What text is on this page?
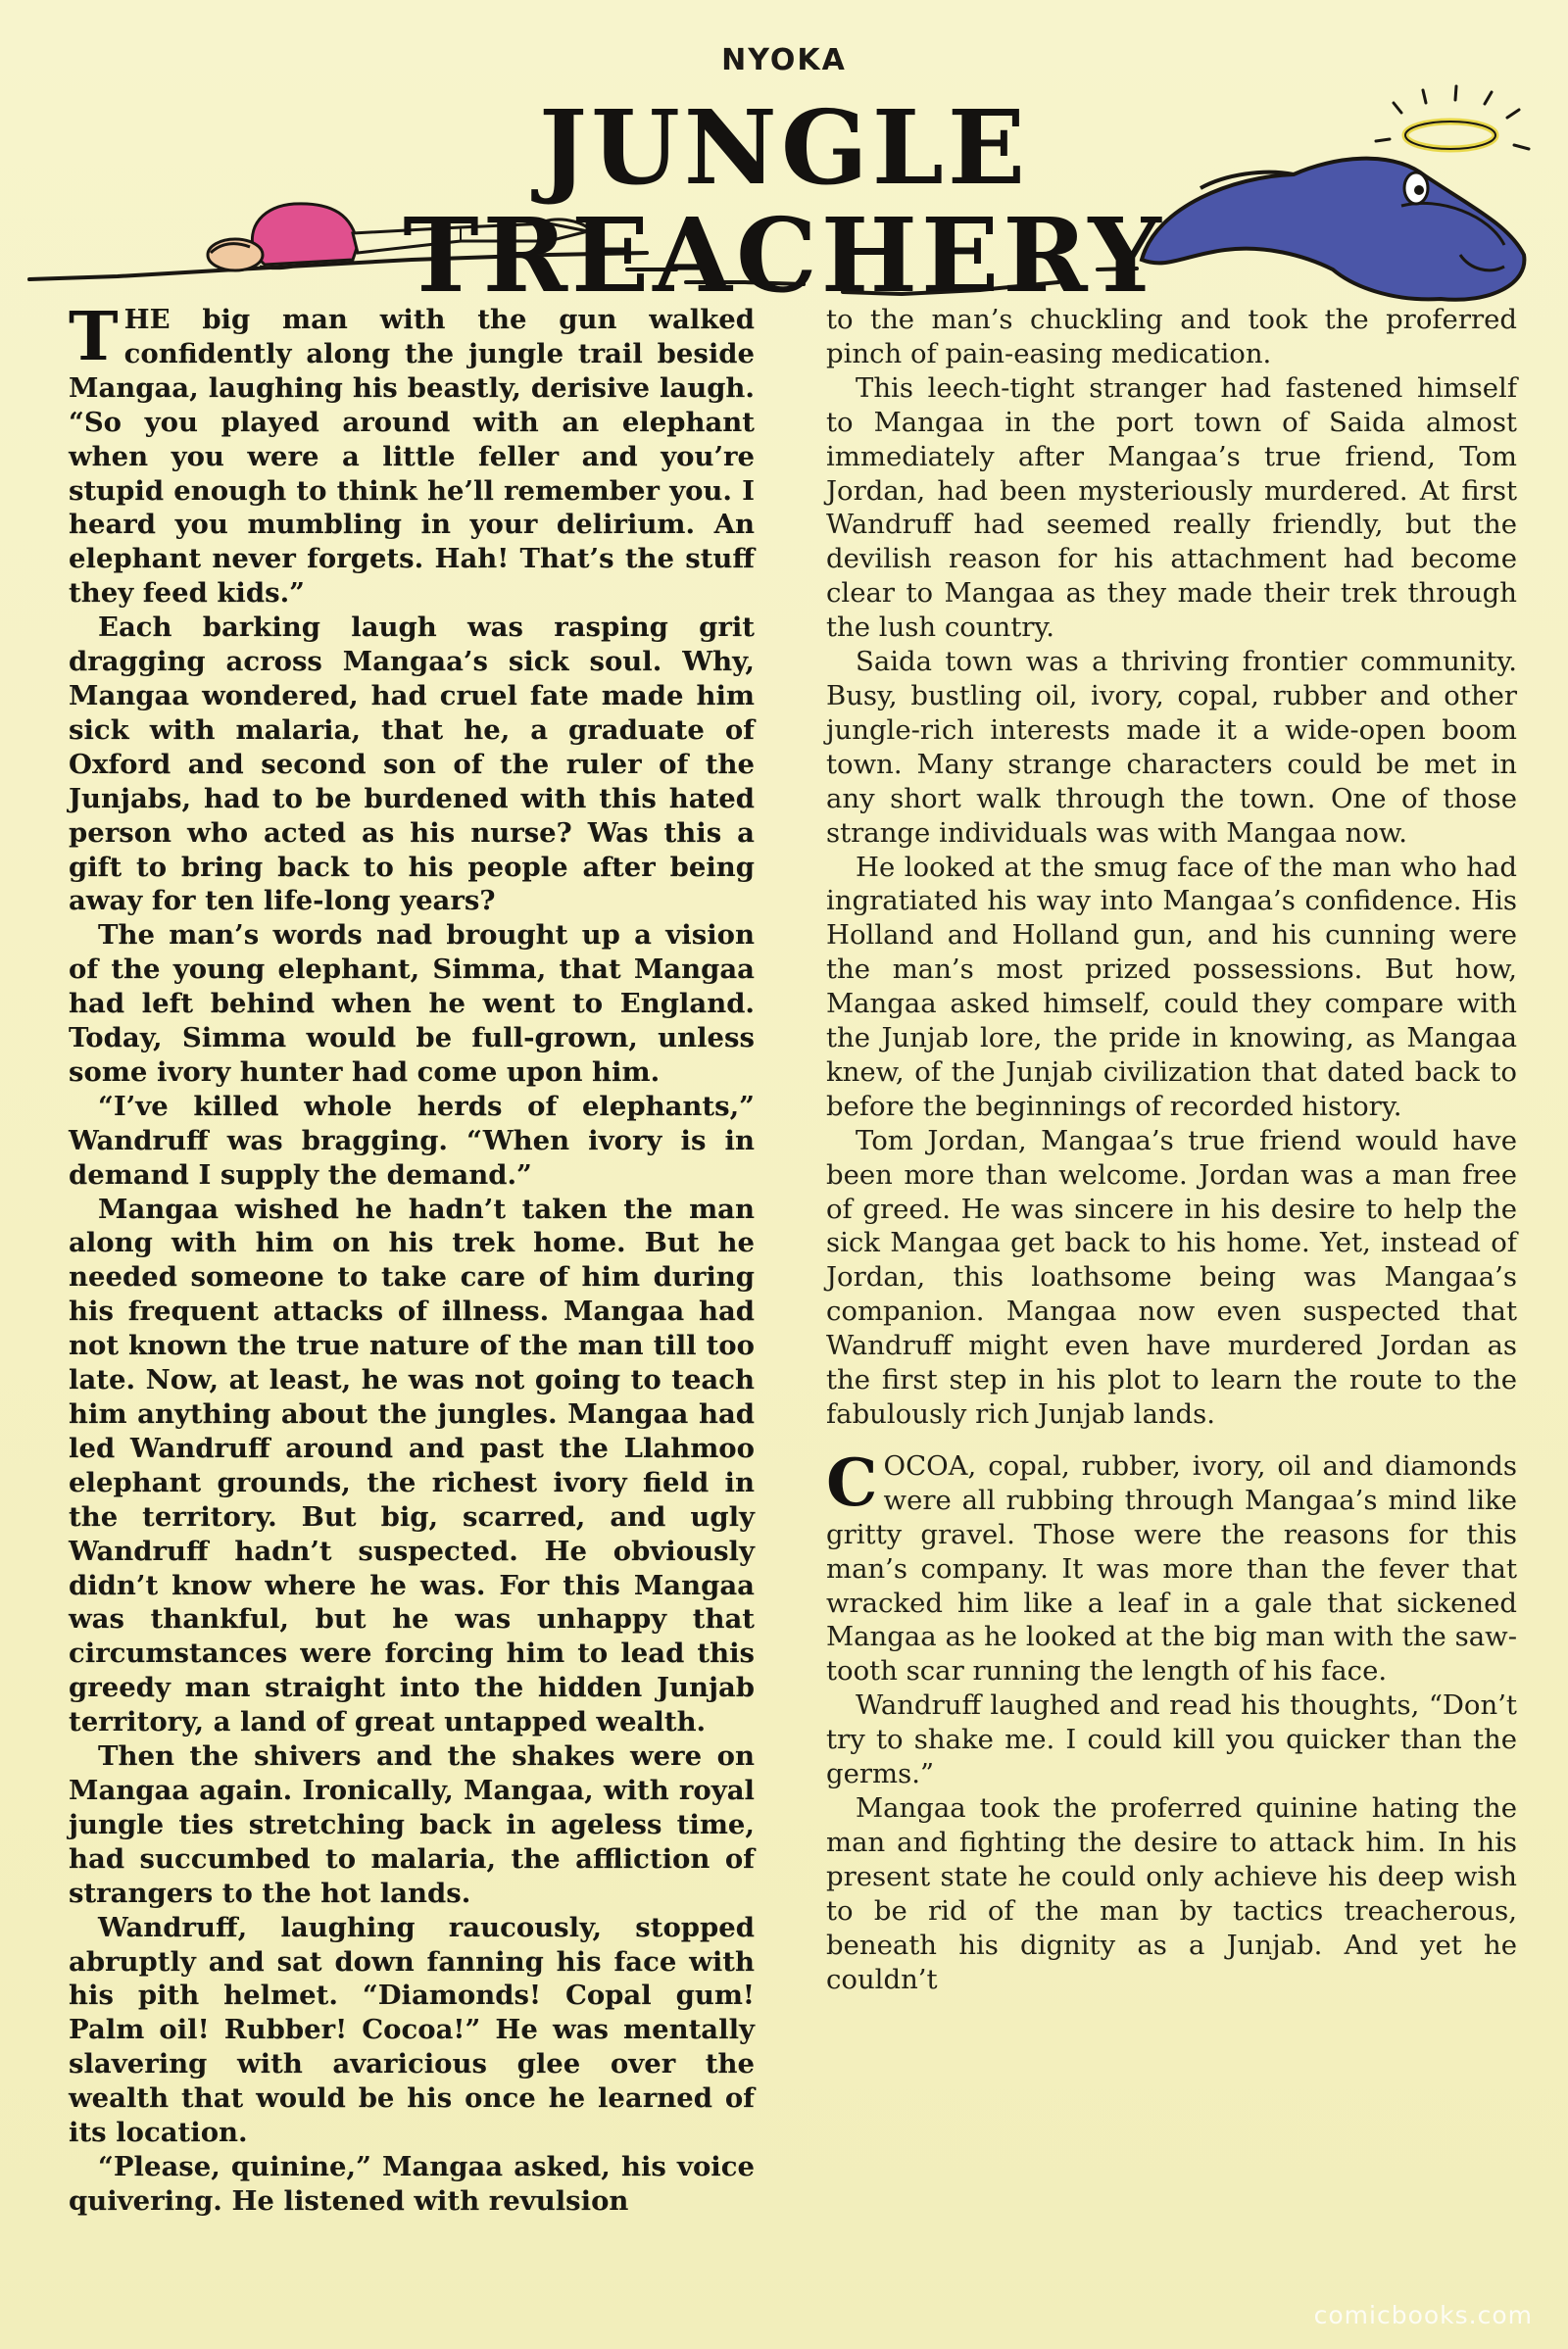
NYOKA
JUNGLE TREACHERY

THE big man with the gun walked confidently along the jungle trail beside Mangaa, laughing his beastly, derisive laugh. “So you played around with an elephant when you were a little feller and you’re stupid enough to think he’ll remember you. I heard you mumbling in your delirium. An elephant never forgets. Hah! That’s the stuff they feed kids.”

Each barking laugh was rasping grit dragging across Mangaa’s sick soul. Why, Mangaa wondered, had cruel fate made him sick with malaria, that he, a graduate of Oxford and second son of the ruler of the Junjabs, had to be burdened with this hated person who acted as his nurse? Was this a gift to bring back to his people after being away for ten life-long years?

The man’s words nad brought up a vision of the young elephant, Simma, that Mangaa had left behind when he went to England. Today, Simma would be full-grown, unless some ivory hunter had come upon him.

“I’ve killed whole herds of elephants,” Wandruff was bragging. “When ivory is in demand I supply the demand.”

Mangaa wished he hadn’t taken the man along with him on his trek home. But he needed someone to take care of him during his frequent attacks of illness. Mangaa had not known the true nature of the man till too late. Now, at least, he was not going to teach him anything about the jungles. Mangaa had led Wandruff around and past the Llahmoo elephant grounds, the richest ivory field in the territory. But big, scarred, and ugly Wandruff hadn’t suspected. He obviously didn’t know where he was. For this Mangaa was thankful, but he was unhappy that circumstances were forcing him to lead this greedy man straight into the hidden Junjab territory, a land of great untapped wealth.

Then the shivers and the shakes were on Mangaa again. Ironically, Mangaa, with royal jungle ties stretching back in ageless time, had succumbed to malaria, the affliction of strangers to the hot lands.

Wandruff, laughing raucously, stopped abruptly and sat down fanning his face with his pith helmet. “Diamonds! Copal gum! Palm oil! Rubber! Cocoa!” He was mentally slavering with avaricious glee over the wealth that would be his once he learned of its location.

“Please, quinine,” Mangaa asked, his voice quivering. He listened with revulsion

to the man’s chuckling and took the proferred pinch of pain-easing medication.

This leech-tight stranger had fastened himself to Mangaa in the port town of Saida almost immediately after Mangaa’s true friend, Tom Jordan, had been mysteriously murdered. At first Wandruff had seemed really friendly, but the devilish reason for his attachment had become clear to Mangaa as they made their trek through the lush country.

Saida town was a thriving frontier community. Busy, bustling oil, ivory, copal, rubber and other jungle-rich interests made it a wide-open boom town. Many strange characters could be met in any short walk through the town. One of those strange individuals was with Mangaa now.

He looked at the smug face of the man who had ingratiated his way into Mangaa’s confidence. His Holland and Holland gun, and his cunning were the man’s most prized possessions. But how, Mangaa asked himself, could they compare with the Junjab lore, the pride in knowing, as Mangaa knew, of the Junjab civilization that dated back to before the beginnings of recorded history.

Tom Jordan, Mangaa’s true friend would have been more than welcome. Jordan was a man free of greed. He was sincere in his desire to help the sick Mangaa get back to his home. Yet, instead of Jordan, this loathsome being was Mangaa’s companion. Mangaa now even suspected that Wandruff might even have murdered Jordan as the first step in his plot to learn the route to the fabulously rich Junjab lands.

COCOA, copal, rubber, ivory, oil and diamonds were all rubbing through Mangaa’s mind like gritty gravel. Those were the reasons for this man’s company. It was more than the fever that wracked him like a leaf in a gale that sickened Mangaa as he looked at the big man with the saw-tooth scar running the length of his face.

Wandruff laughed and read his thoughts, “Don’t try to shake me. I could kill you quicker than the germs.”

Mangaa took the proferred quinine hating the man and fighting the desire to attack him. In his present state he could only achieve his deep wish to be rid of the man by tactics treacherous, beneath his dignity as a Junjab. And yet he couldn’t

comicbooks.com
